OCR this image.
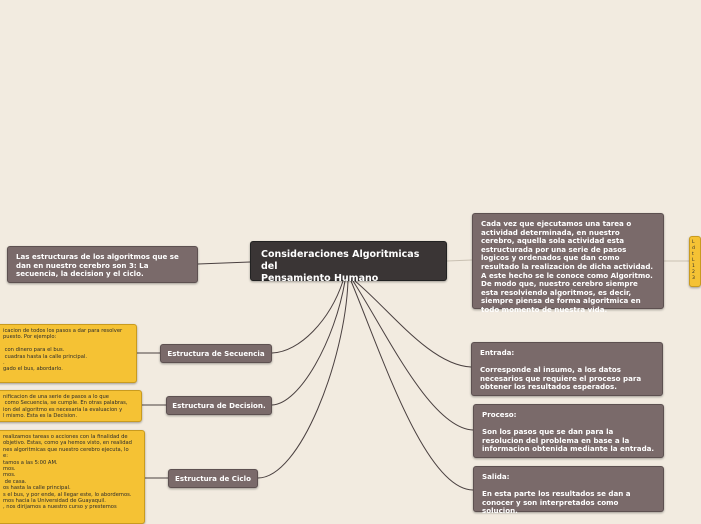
Consideraciones Algoritmicas del
Pensamiento Humano
Las estructuras de los algoritmos que se dan en nuestro cerebro son 3: La secuencia, la decision y el ciclo.
Estructura de Secuencia
Estructura de Decision.
Estructura de Ciclo
icacion de todos los pasos a dar para resolver
puesto. Por ejemplo:

con dinero para el bus.
cuadras hasta la calle principal.
.
gado el bus, abordarlo.
nificacion de una serie de pasos a lo que
como Secuencia, se cumple. En otras palabras,
ion del algoritmo es necesaria la evaluacion y
l mismo. Esta es la Decision.
realizamos tareas o acciones con la finalidad de
objetivo. Estas, como ya hemos visto, en realidad
nes algoritmicas que nuestro cerebro ejecuta, lo
e:
tamos a las 5:00 AM.
mos.
mos.
de casa.
os hasta la calle principal.
s el bus, y por ende, al llegar este, lo abordemos.
mos hacia la Universidad de Guayaquil.
, nos dirijamos a nuestro curso y prestemos
Cada vez que ejecutamos una tarea o actividad determinada, en nuestro cerebro, aquella sola actividad esta estructurada por una serie de pasos logicos y ordenados que dan como resultado la realizacion de dicha actividad. A este hecho se le conoce como Algoritmo. De modo que, nuestro cerebro siempre esta resolviendo algoritmos, es decir, siempre piensa de forma algoritmica en todo momento de nuestra vida.
Entrada:

Corresponde al insumo, a los datos necesarios que requiere el proceso para obtener los resultados esperados.
Proceso:

Son los pasos que se dan para la resolucion del problema en base a la informacion obtenida mediante la entrada.
Salida:

En esta parte los resultados se dan a conocer y son interpretados como solucion.
L
d
t
L
1
2
3
